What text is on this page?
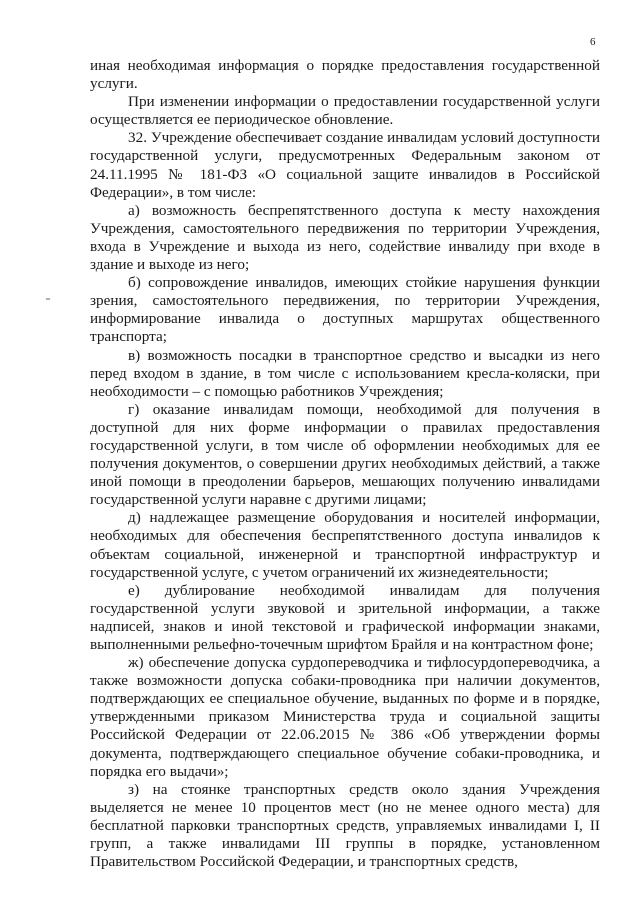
6

иная необходимая информация о порядке предоставления государственной услуги.

При изменении информации о предоставлении государственной услуги осуществляется ее периодическое обновление.

32. Учреждение обеспечивает создание инвалидам условий доступности государственной услуги, предусмотренных Федеральным законом от 24.11.1995 № 181-ФЗ «О социальной защите инвалидов в Российской Федерации», в том числе:

а) возможность беспрепятственного доступа к месту нахождения Учреждения, самостоятельного передвижения по территории Учреждения, входа в Учреждение и выхода из него, содействие инвалиду при входе в здание и выходе из него;

б) сопровождение инвалидов, имеющих стойкие нарушения функции зрения, самостоятельного передвижения, по территории Учреждения, информирование инвалида о доступных маршрутах общественного транспорта;

в) возможность посадки в транспортное средство и высадки из него перед входом в здание, в том числе с использованием кресла-коляски, при необходимости – с помощью работников Учреждения;

г) оказание инвалидам помощи, необходимой для получения в доступной для них форме информации о правилах предоставления государственной услуги, в том числе об оформлении необходимых для ее получения документов, о совершении других необходимых действий, а также иной помощи в преодолении барьеров, мешающих получению инвалидами государственной услуги наравне с другими лицами;

д) надлежащее размещение оборудования и носителей информации, необходимых для обеспечения беспрепятственного доступа инвалидов к объектам социальной, инженерной и транспортной инфраструктур и государственной услуге, с учетом ограничений их жизнедеятельности;

е) дублирование необходимой инвалидам для получения государственной услуги звуковой и зрительной информации, а также надписей, знаков и иной текстовой и графической информации знаками, выполненными рельефно-точечным шрифтом Брайля и на контрастном фоне;

ж) обеспечение допуска сурдопереводчика и тифлосурдопереводчика, а также возможности допуска собаки-проводника при наличии документов, подтверждающих ее специальное обучение, выданных по форме и в порядке, утвержденными приказом Министерства труда и социальной защиты Российской Федерации от 22.06.2015 № 386 «Об утверждении формы документа, подтверждающего специальное обучение собаки-проводника, и порядка его выдачи»;

з) на стоянке транспортных средств около здания Учреждения выделяется не менее 10 процентов мест (но не менее одного места) для бесплатной парковки транспортных средств, управляемых инвалидами I, II групп, а также инвалидами III группы в порядке, установленном Правительством Российской Федерации, и транспортных средств,
